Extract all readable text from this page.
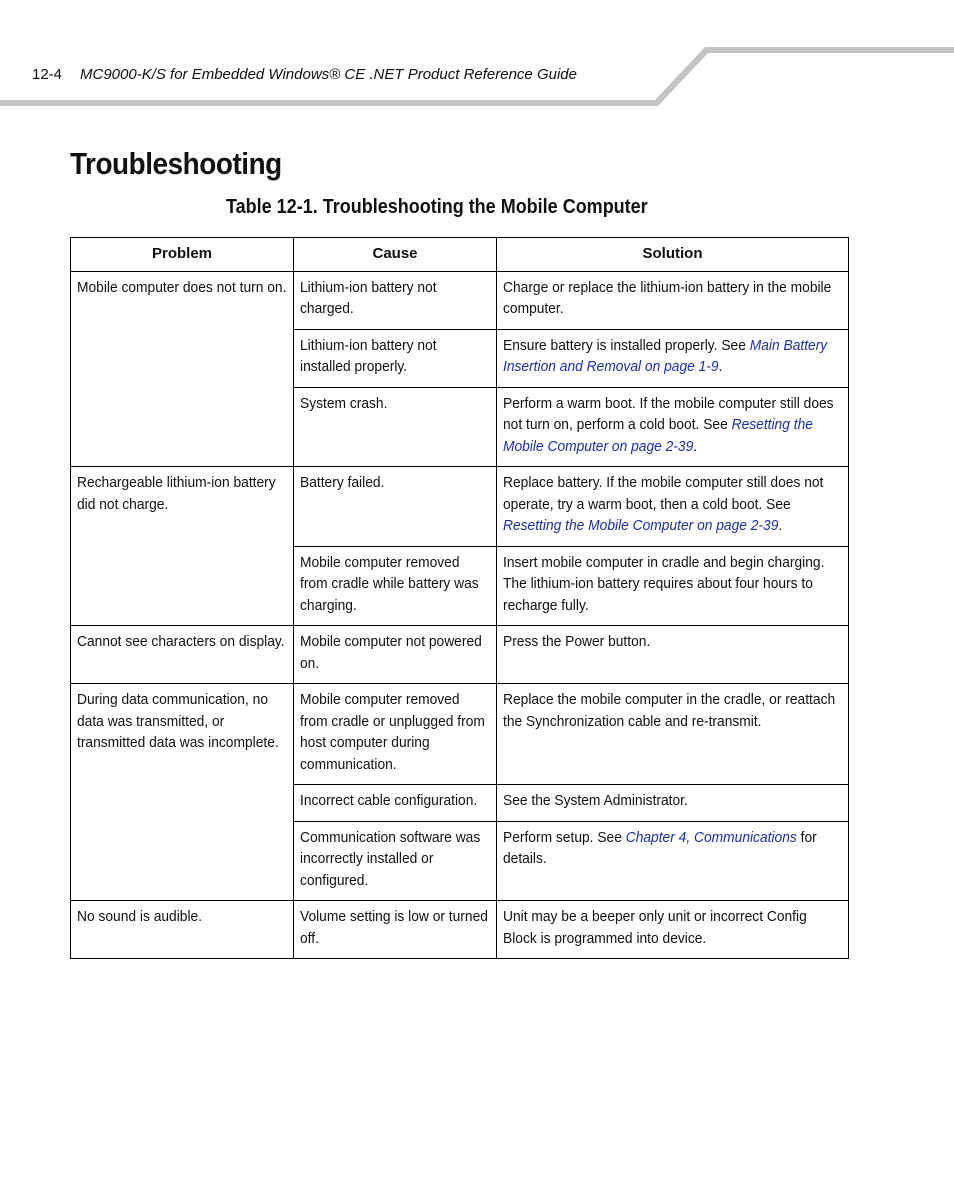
12-4 MC9000-K/S for Embedded Windows® CE .NET Product Reference Guide
Troubleshooting
Table 12-1. Troubleshooting the Mobile Computer
Problem	Cause	Solution

Mobile computer does not turn on.	Lithium-ion battery not charged.	Charge or replace the lithium-ion battery in the mobile computer.

	Lithium-ion battery not installed properly.	Ensure battery is installed properly. See Main Battery Insertion and Removal on page 1-9.

	System crash.	Perform a warm boot. If the mobile computer still does not turn on, perform a cold boot. See Resetting the Mobile Computer on page 2-39.

Rechargeable lithium-ion battery did not charge.	Battery failed.	Replace battery. If the mobile computer still does not operate, try a warm boot, then a cold boot. See Resetting the Mobile Computer on page 2-39.

	Mobile computer removed from cradle while battery was charging.	Insert mobile computer in cradle and begin charging. The lithium-ion battery requires about four hours to recharge fully.

Cannot see characters on display.	Mobile computer not powered on.	Press the Power button.

During data communication, no data was transmitted, or transmitted data was incomplete.	Mobile computer removed from cradle or unplugged from host computer during communication.	Replace the mobile computer in the cradle, or reattach the Synchronization cable and re-transmit.

	Incorrect cable configuration.	See the System Administrator.

	Communication software was incorrectly installed or configured.	Perform setup. See Chapter 4, Communications for details.

No sound is audible.	Volume setting is low or turned off.	Unit may be a beeper only unit or incorrect Config Block is programmed into device.
